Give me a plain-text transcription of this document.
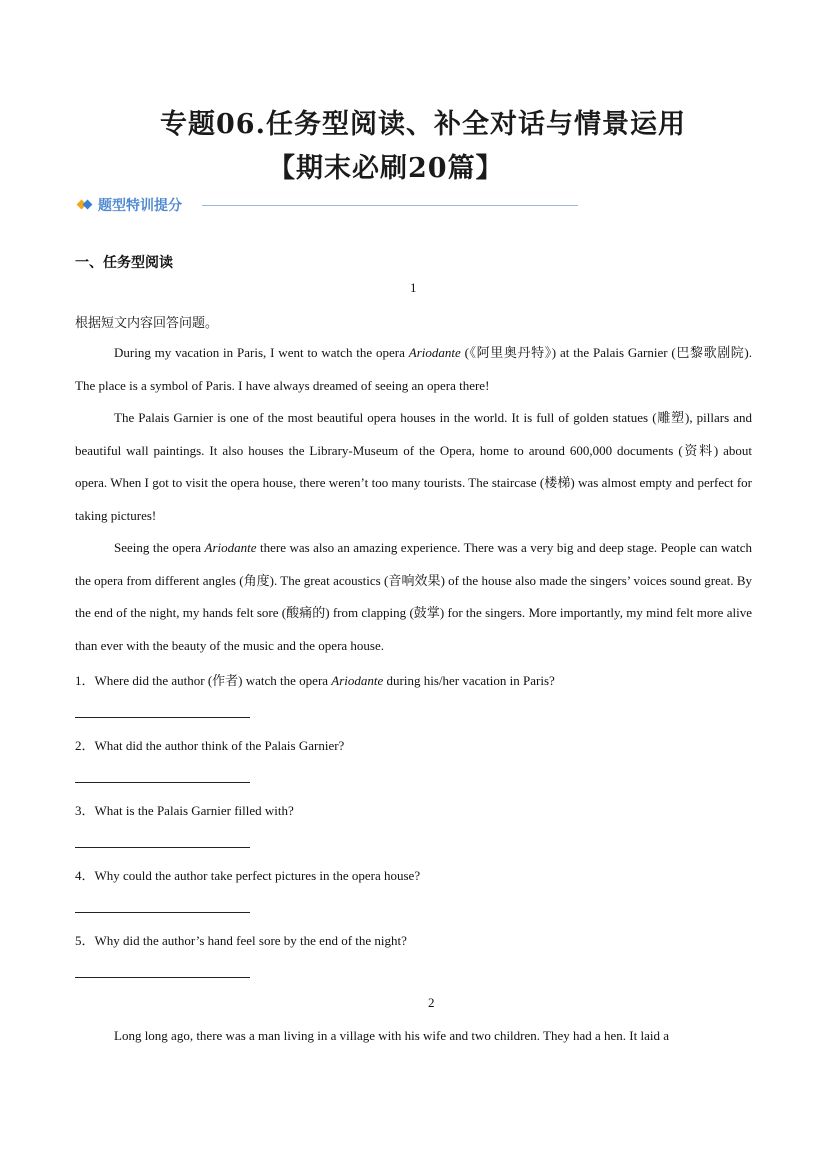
专题06.任务型阅读、补全对话与情景运用
【期末必刷20篇】
题型特训提分
一、任务型阅读
1
根据短文内容回答问题。
During my vacation in Paris, I went to watch the opera Ariodante (《阿里奥丹特》) at the Palais Garnier (巴黎歌剧院). The place is a symbol of Paris. I have always dreamed of seeing an opera there!
The Palais Garnier is one of the most beautiful opera houses in the world. It is full of golden statues (雕塑), pillars and beautiful wall paintings. It also houses the Library-Museum of the Opera, home to around 600,000 documents (资料) about opera. When I got to visit the opera house, there weren’t too many tourists. The staircase (楼梯) was almost empty and perfect for taking pictures!
Seeing the opera Ariodante there was also an amazing experience. There was a very big and deep stage. People can watch the opera from different angles (角度). The great acoustics (音响效果) of the house also made the singers’ voices sound great. By the end of the night, my hands felt sore (酸痛的) from clapping (鼓掌) for the singers. More importantly, my mind felt more alive than ever with the beauty of the music and the opera house.
1．Where did the author (作者) watch the opera Ariodante during his/her vacation in Paris?
2．What did the author think of the Palais Garnier?
3．What is the Palais Garnier filled with?
4．Why could the author take perfect pictures in the opera house?
5．Why did the author’s hand feel sore by the end of the night?
2
Long long ago, there was a man living in a village with his wife and two children. They had a hen. It laid a
